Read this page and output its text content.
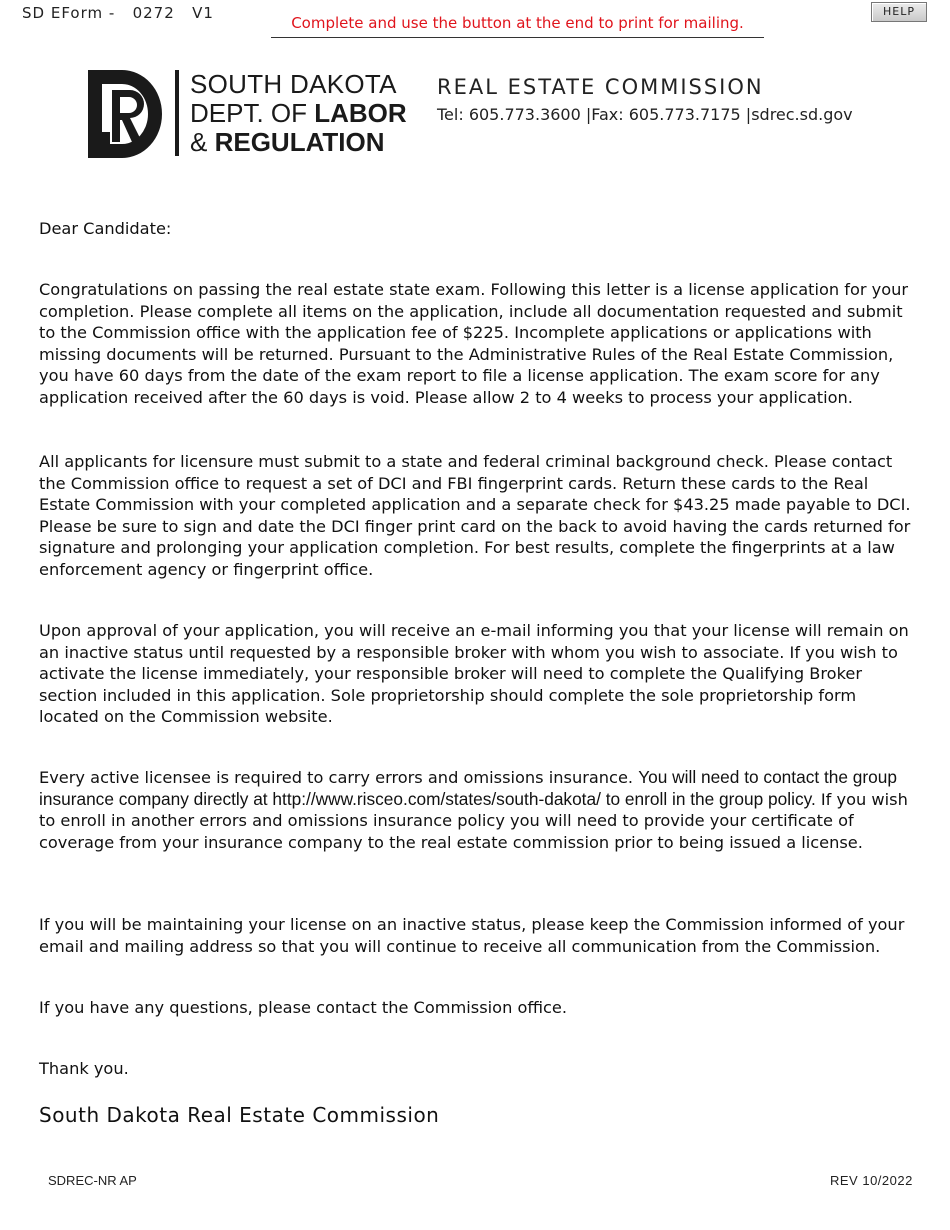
SD EForm -   0272   V1
Complete and use the button at the end to print for mailing.
HELP
SOUTH DAKOTA
DEPT. OF LABOR
& REGULATION
REAL ESTATE COMMISSION
Tel: 605.773.3600 |Fax: 605.773.7175 |sdrec.sd.gov
Dear Candidate:
Congratulations on passing the real estate state exam. Following this letter is a license application for your completion. Please complete all items on the application, include all documentation requested and submit to the Commission office with the application fee of $225. Incomplete applications or applications with missing documents will be returned. Pursuant to the Administrative Rules of the Real Estate Commission, you have 60 days from the date of the exam report to file a license application. The exam score for any application received after the 60 days is void. Please allow 2 to 4 weeks to process your application.
All applicants for licensure must submit to a state and federal criminal background check. Please contact the Commission office to request a set of DCI and FBI fingerprint cards. Return these cards to the Real Estate Commission with your completed application and a separate check for $43.25 made payable to DCI. Please be sure to sign and date the DCI finger print card on the back to avoid having the cards returned for signature and prolonging your application completion. For best results, complete the fingerprints at a law enforcement agency or fingerprint office.
Upon approval of your application, you will receive an e-mail informing you that your license will remain on an inactive status until requested by a responsible broker with whom you wish to associate. If you wish to activate the license immediately, your responsible broker will need to complete the Qualifying Broker section included in this application. Sole proprietorship should complete the sole proprietorship form located on the Commission website.
Every active licensee is required to carry errors and omissions insurance. You will need to contact the group insurance company directly at http://www.risceo.com/states/south-dakota/ to enroll in the group policy. If you wish to enroll in another errors and omissions insurance policy you will need to provide your certificate of coverage from your insurance company to the real estate commission prior to being issued a license.
If you will be maintaining your license on an inactive status, please keep the Commission informed of your email and mailing address so that you will continue to receive all communication from the Commission.
If you have any questions, please contact the Commission office.
Thank you.
South Dakota Real Estate Commission
SDREC-NR AP	REV 10/2022
